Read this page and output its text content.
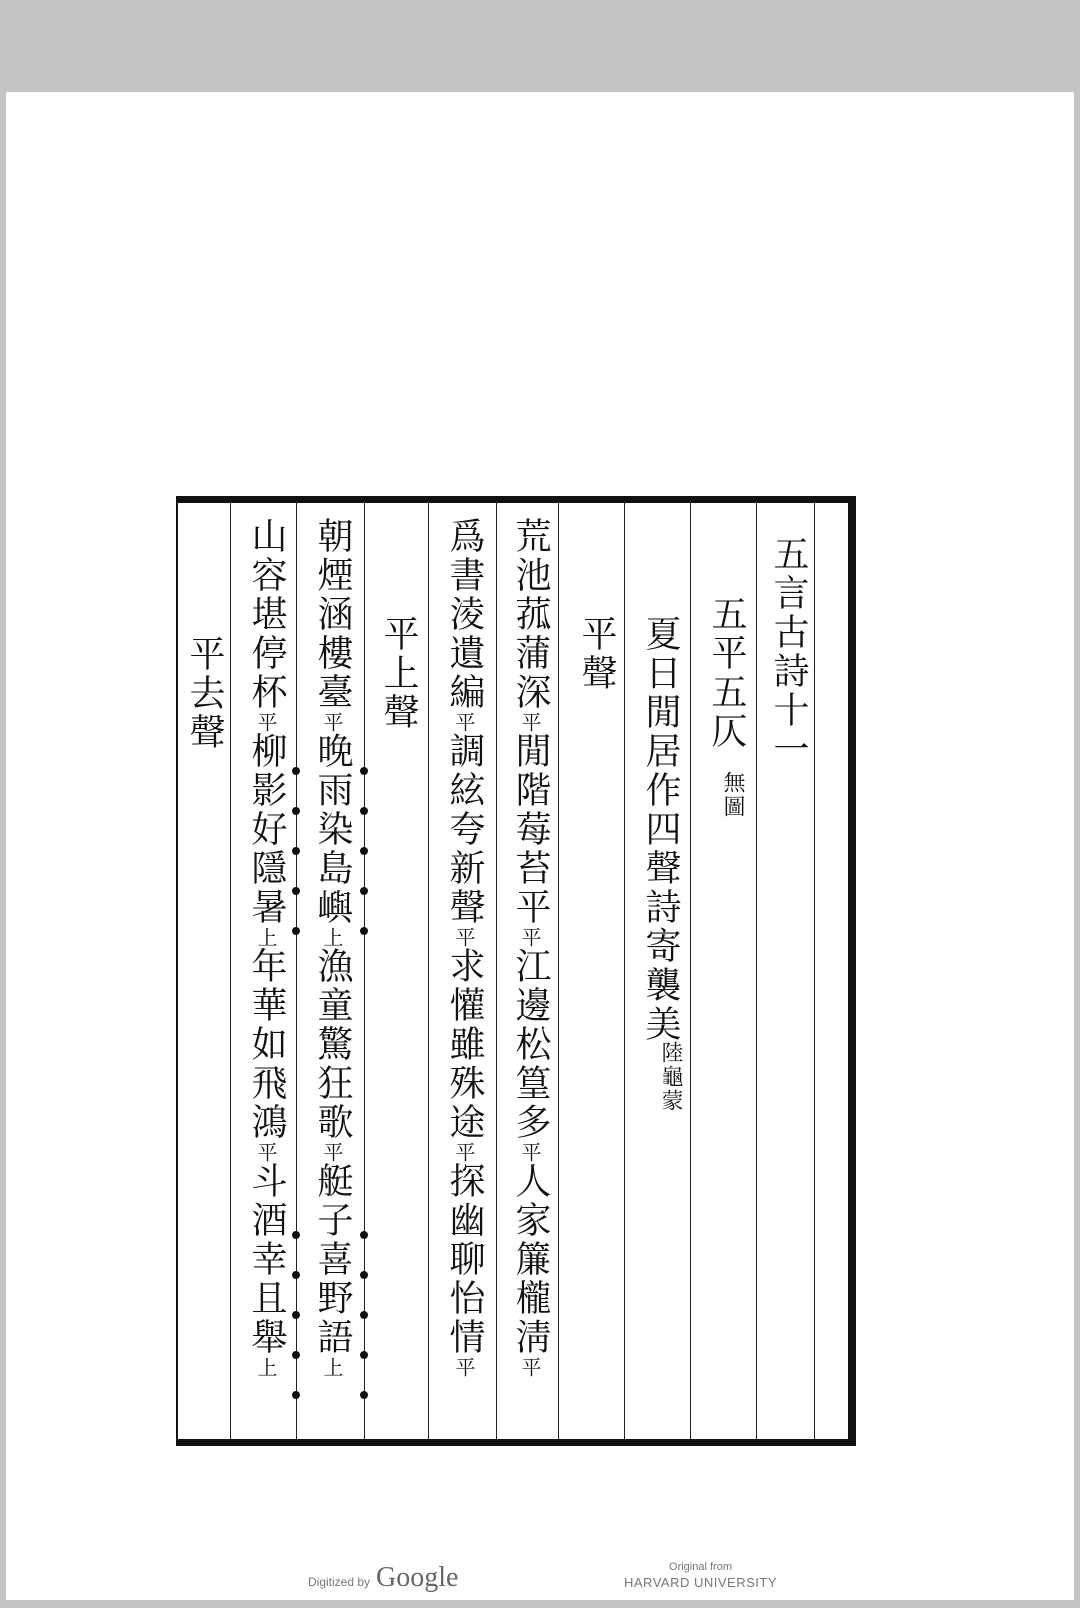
五言古詩十一
五平五仄
無圖
夏日閒居作四聲詩寄襲美
陸龜蒙
平聲
荒池菰蒲深平閒階莓苔平平江邊松篁多平人家簾櫳淸平
爲書淩遺編平調絃夸新聲平求懽雖殊途平探幽聊怡情平
平上聲
朝煙涵樓臺平晚雨染島嶼上漁童驚狂歌平艇子喜野語上
山容堪停杯平柳影好隱暑上年華如飛鴻平斗酒幸且舉上
平去聲
Digitized by Google	Original from
HARVARD UNIVERSITY
